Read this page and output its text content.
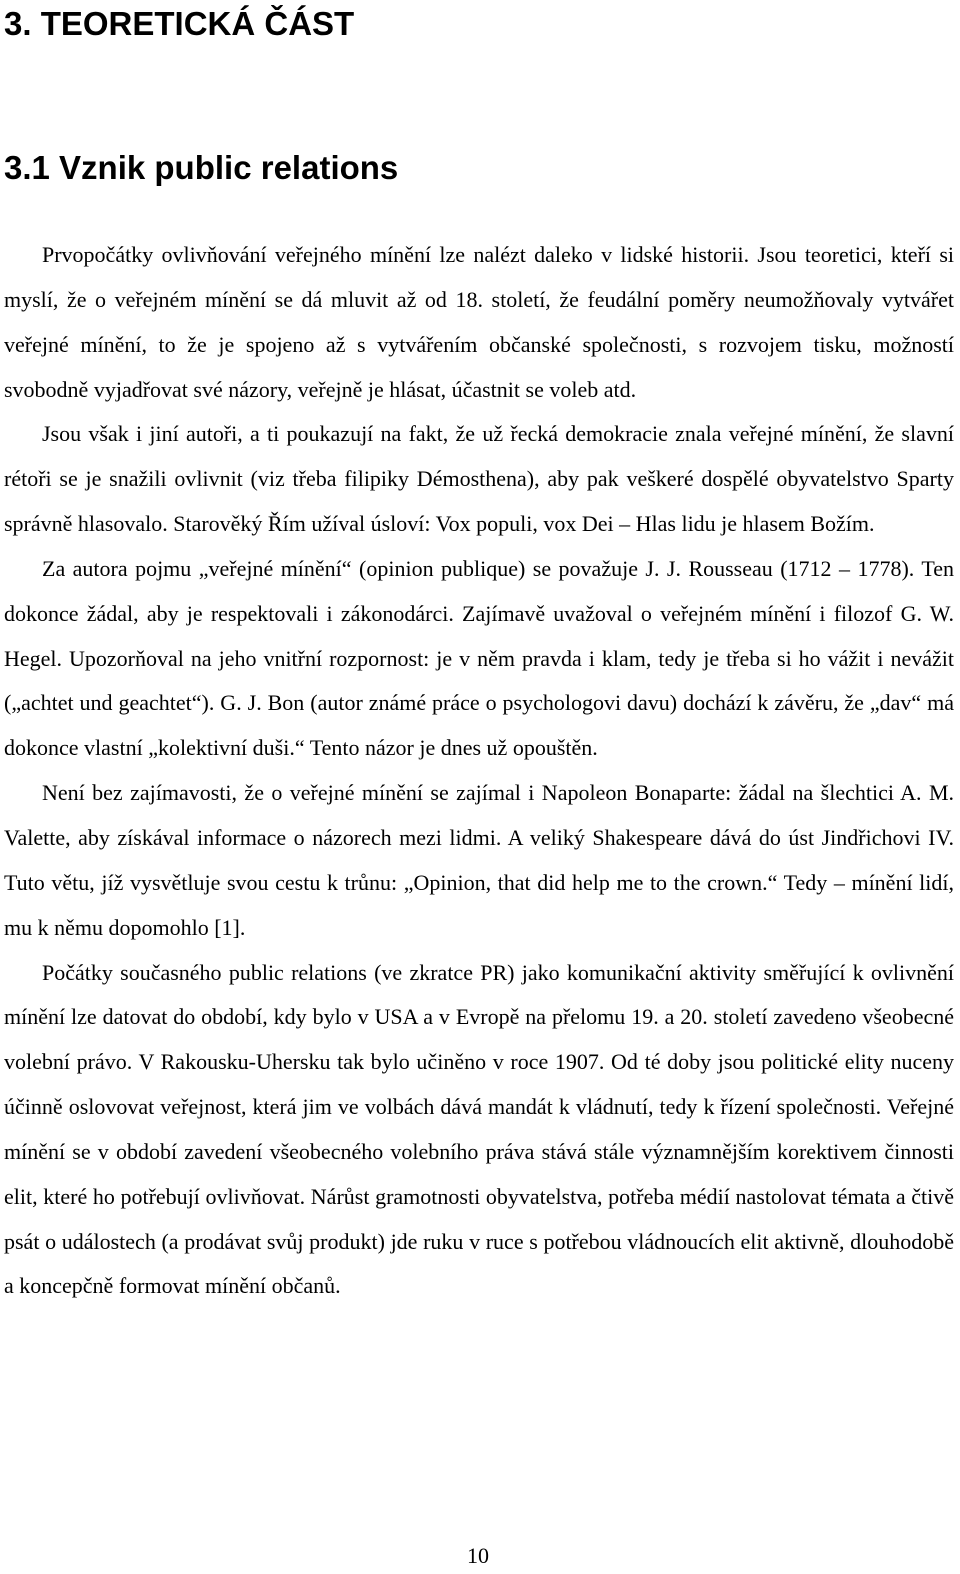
3. TEORETICKÁ ČÁST
3.1 Vznik public relations

Prvopočátky ovlivňování veřejného mínění lze nalézt daleko v lidské historii. Jsou teoretici, kteří si myslí, že o veřejném mínění se dá mluvit až od 18. století, že feudální poměry neumožňovaly vytvářet veřejné mínění, to že je spojeno až s vytvářením občanské společnosti, s rozvojem tisku, možností svobodně vyjadřovat své názory, veřejně je hlásat, účastnit se voleb atd.

Jsou však i jiní autoři, a ti poukazují na fakt, že už řecká demokracie znala veřejné mínění, že slavní rétoři se je snažili ovlivnit (viz třeba filipiky Démosthena), aby pak veškeré dospělé obyvatelstvo Sparty správně hlasovalo. Starověký Řím užíval úsloví: Vox populi, vox Dei – Hlas lidu je hlasem Božím.

Za autora pojmu „veřejné mínění“ (opinion publique) se považuje J. J. Rousseau (1712 – 1778). Ten dokonce žádal, aby je respektovali i zákonodárci. Zajímavě uvažoval o veřejném mínění i filozof G. W. Hegel. Upozorňoval na jeho vnitřní rozpornost: je v něm pravda i klam, tedy je třeba si ho vážit i nevážit („achtet und geachtet“). G. J. Bon (autor známé práce o psychologovi davu) dochází k závěru, že „dav“ má dokonce vlastní „kolektivní duši.“ Tento názor je dnes už opouštěn.

Není bez zajímavosti, že o veřejné mínění se zajímal i Napoleon Bonaparte: žádal na šlechtici A. M. Valette, aby získával informace o názorech mezi lidmi. A veliký Shakespeare dává do úst Jindřichovi IV. Tuto větu, jíž vysvětluje svou cestu k trůnu: „Opinion, that did help me to the crown.“ Tedy – mínění lidí, mu k němu dopomohlo [1].

Počátky současného public relations (ve zkratce PR) jako komunikační aktivity směřující k ovlivnění mínění lze datovat do období, kdy bylo v USA a v Evropě na přelomu 19. a 20. století zavedeno všeobecné volební právo. V Rakousku-Uhersku tak bylo učiněno v roce 1907. Od té doby jsou politické elity nuceny účinně oslovovat veřejnost, která jim ve volbách dává mandát k vládnutí, tedy k řízení společnosti. Veřejné mínění se v období zavedení všeobecného volebního práva stává stále významnějším korektivem činnosti elit, které ho potřebují ovlivňovat. Nárůst gramotnosti obyvatelstva, potřeba médií nastolovat témata a čtivě psát o událostech (a prodávat svůj produkt) jde ruku v ruce s potřebou vládnoucích elit aktivně, dlouhodobě a koncepčně formovat mínění občanů.

10
